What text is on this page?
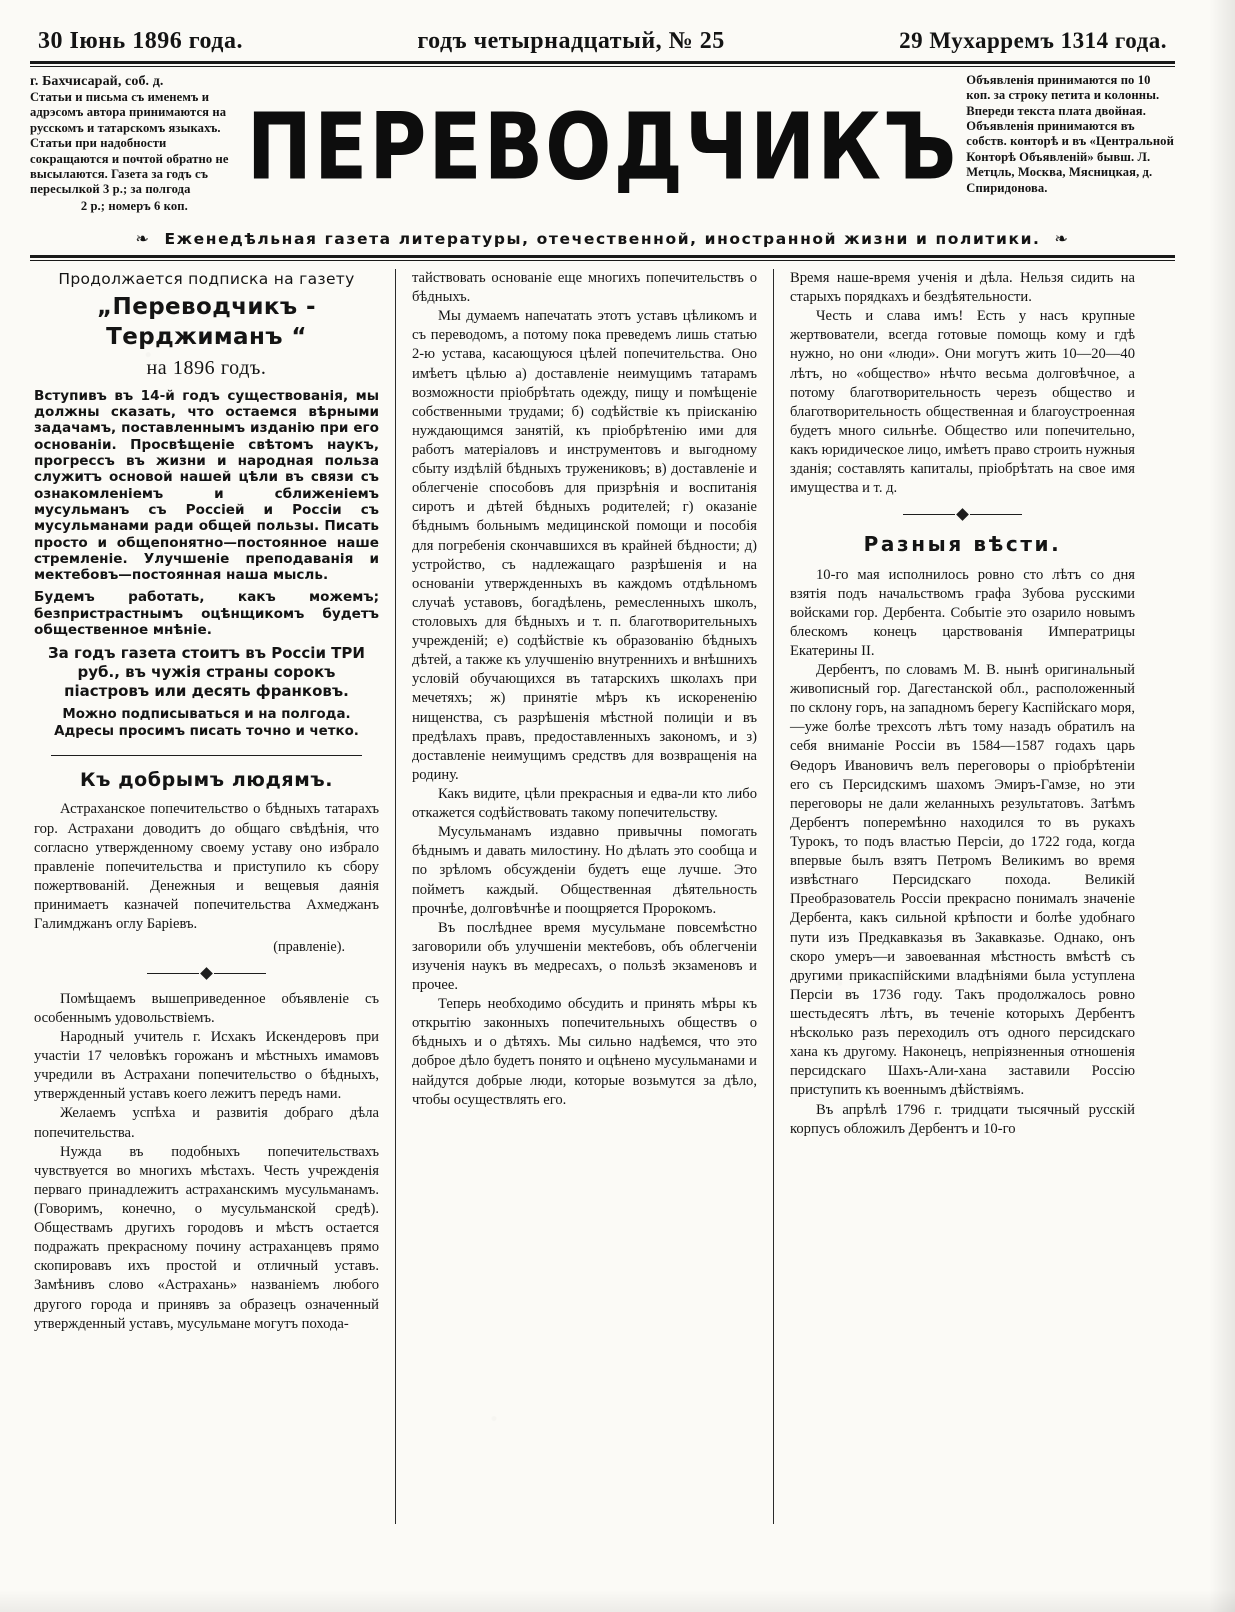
30 Іюнь 1896 года.	годъ четырнадцатый, № 25	29 Мухарремъ 1314 года.

г. Бахчисарай, соб. д.

Статьи и письма съ именемъ и адрэсомъ автора принимаются на русскомъ и татарскомъ языкахъ. Статьи при надобности сокращаются и почтой обратно не высылаются. Газета за годъ съ пересылкой 3 р.; за полгода

2 р.; номеръ 6 коп.

ПЕРЕВОДЧИКЪ

Объявленія принимаются по 10 коп. за строку петита и колонны. Впереди текста плата двойная. Объявленія принимаются въ собств. конторѣ и въ «Центральной Конторѣ Объявленій» бывш. Л. Метцль, Москва, Мясницкая, д. Спиридонова.

❧ Еженедѣльная газета литературы, отечественной, иностранной жизни и политики. ❧
Продолжается подписка на газету
„Переводчикъ - Терджиманъ “
на 1896 годъ.

Вступивъ въ 14-й годъ существованія, мы должны сказать, что остаемся вѣрными задачамъ, поставленнымъ изданію при его основаніи. Просвѣщеніе свѣтомъ наукъ, прогрессъ въ жизни и народная польза служитъ основой нашей цѣли въ связи съ ознакомленіемъ и сближеніемъ мусульманъ съ Россіей и Россіи съ мусульманами ради общей пользы. Писать просто и общепонятно—постоянное наше стремленіе. Улучшеніе преподаванія и мектебовъ—постоянная наша мысль.

Будемъ работать, какъ можемъ; безпристрастнымъ оцѣнщикомъ будетъ общественное мнѣніе.

За годъ газета стоитъ въ Россіи ТРИ руб., въ чужія страны сорокъ піастровъ или десять франковъ.
Можно подписываться и на полгода. Адресы просимъ писать точно и четко.
Къ добрымъ людямъ.

Астраханское попечительство о бѣдныхъ татарахъ гор. Астрахани доводитъ до общаго свѣдѣнія, что согласно утвержденному своему уставу оно избрало правленіе попечительства и приступило къ сбору пожертвованій. Денежныя и вещевыя даянія принимаетъ казначей попечительства Ахмеджанъ Галимджанъ оглу Баріевъ.

(правленіе).

Помѣщаемъ вышеприведенное объявленіе съ особеннымъ удовольствіемъ.

Народный учитель г. Исхакъ Искендеровъ при участіи 17 человѣкъ горожанъ и мѣстныхъ имамовъ учредили въ Астрахани попечительство о бѣдныхъ, утвержденный уставъ коего лежитъ передъ нами.

Желаемъ успѣха и развитія добраго дѣла попечительства.

Нужда въ подобныхъ попечительствахъ чувствуется во многихъ мѣстахъ. Честь учрежденія перваго принадлежитъ астраханскимъ мусульманамъ. (Говоримъ, конечно, о мусульманской средѣ). Обществамъ другихъ городовъ и мѣстъ остается подражать прекрасному почину астраханцевъ прямо скопировавъ ихъ простой и отличный уставъ. Замѣнивъ слово «Астрахань» названіемъ любого другого города и принявъ за образецъ означенный утвержденный уставъ, мусульмане могутъ похода-

тайствовать основаніе еще многихъ попечительствъ о бѣдныхъ.

Мы думаемъ напечатать этотъ уставъ цѣликомъ и съ переводомъ, а потому пока преведемъ лишь статью 2-ю устава, касающуюся цѣлей попечительства. Оно имѣетъ цѣлью а) доставленіе неимущимъ татарамъ возможности пріобрѣтать одежду, пищу и помѣщеніе собственными трудами; б) содѣйствіе къ пріисканію нуждающимся занятій, къ пріобрѣтенію ими для работъ матеріаловъ и инструментовъ и выгодному сбыту издѣлій бѣдныхъ тружениковъ; в) доставленіе и облегченіе способовъ для призрѣнія и воспитанія сиротъ и дѣтей бѣдныхъ родителей; г) оказаніе бѣднымъ больнымъ медицинской помощи и пособія для погребенія скончавшихся въ крайней бѣдности; д) устройство, съ надлежащаго разрѣшенія и на основаніи утвержденныхъ въ каждомъ отдѣльномъ случаѣ уставовъ, богадѣлень, ремесленныхъ школъ, столовыхъ для бѣдныхъ и т. п. благотворительныхъ учрежденій; е) содѣйствіе къ образованію бѣдныхъ дѣтей, а также къ улучшенію внутреннихъ и внѣшнихъ условій обучающихся въ татарскихъ школахъ при мечетяхъ; ж) принятіе мѣръ къ искорененію нищенства, съ разрѣшенія мѣстной полиціи и въ предѣлахъ правъ, предоставленныхъ закономъ, и з) доставленіе неимущимъ средствъ для возвращенія на родину.

Какъ видите, цѣли прекрасныя и едва-ли кто либо откажется содѣйствовать такому попечительству.

Мусульманамъ издавно привычны помогать бѣднымъ и давать милостину. Но дѣлать это сообща и по зрѣломъ обсужденіи будетъ еще лучше. Это пойметъ каждый. Общественная дѣятельность прочнѣе, долговѣчнѣе и поощряется Пророкомъ.

Въ послѣднее время мусульмане повсемѣстно заговорили объ улучшеніи мектебовъ, объ облегченіи изученія наукъ въ медресахъ, о пользѣ экзаменовъ и прочее.

Теперь необходимо обсудить и принять мѣры къ открытію законныхъ попечительныхъ обществъ о бѣдныхъ и о дѣтяхъ. Мы сильно надѣемся, что это доброе дѣло будетъ понято и оцѣнено мусульманами и найдутся добрые люди, которые возьмутся за дѣло, чтобы осуществлять его.

Время наше-время ученія и дѣла. Нельзя сидить на старыхъ порядкахъ и бездѣятельности.

Честь и слава имъ! Есть у насъ крупные жертвователи, всегда готовые помощь кому и гдѣ нужно, но они «люди». Они могутъ жить 10—20—40 лѣтъ, но «общество» нѣчто весьма долговѣчное, а потому благотворительность черезъ общество и благотворительность общественная и благоустроенная будетъ много сильнѣе. Общество или попечительно, какъ юридическое лицо, имѣетъ право строить нужныя зданія; составлять капиталы, пріобрѣтать на свое имя имущества и т. д.

Разныя вѣсти.

10-го мая исполнилось ровно сто лѣтъ со дня взятія подъ начальствомъ графа Зубова русскими войсками гор. Дербента. Событіе это озарило новымъ блескомъ конецъ царствованія Императрицы Екатерины II.

Дербентъ, по словамъ М. В. нынѣ оригинальный живописный гор. Дагестанской обл., расположенный по склону горъ, на западномъ берегу Каспійскаго моря,—уже болѣе трехсотъ лѣтъ тому назадъ обратилъ на себя вниманіе Россіи въ 1584—1587 годахъ царь Ѳедоръ Ивановичъ велъ переговоры о пріобрѣтеніи его съ Персидскимъ шахомъ Эмиръ-Гамзе, но эти переговоры не дали желанныхъ результатовъ. Затѣмъ Дербентъ поперемѣнно находился то въ рукахъ Турокъ, то подъ властью Персіи, до 1722 года, когда впервые былъ взятъ Петромъ Великимъ во время извѣстнаго Персидскаго похода. Великій Преобразователь Россіи прекрасно понималъ значеніе Дербента, какъ сильной крѣпости и болѣе удобнаго пути изъ Предкавказья въ Закавказье. Однако, онъ скоро умеръ—и завоеванная мѣстность вмѣстѣ съ другими прикаспійскими владѣніями была уступлена Персіи въ 1736 году. Такъ продолжалось ровно шестьдесятъ лѣтъ, въ теченіе которыхъ Дербентъ нѣсколько разъ переходилъ отъ одного персидскаго хана къ другому. Наконецъ, непріязненныя отношенія персидскаго Шахъ-Али-хана заставили Россію приступить къ военнымъ дѣйствіямъ.

Въ апрѣлѣ 1796 г. тридцати тысячный русскій корпусъ обложилъ Дербентъ и 10-го
